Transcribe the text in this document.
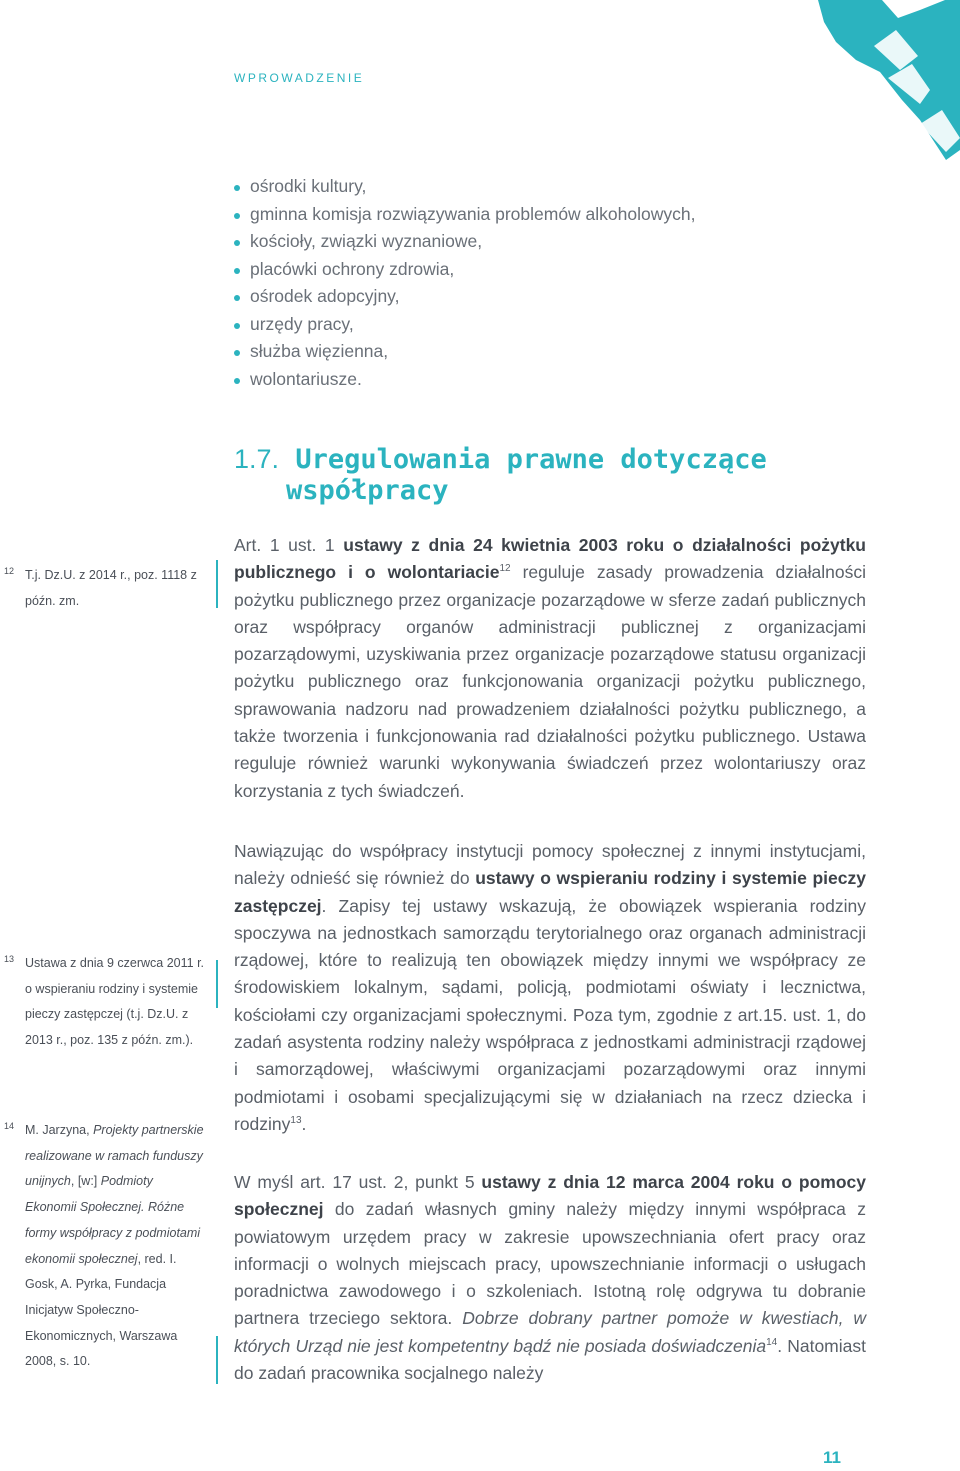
WPROWADZENIE
ośrodki kultury,
gminna komisja rozwiązywania problemów alkoholowych,
kościoły, związki wyznaniowe,
placówki ochrony zdrowia,
ośrodek adopcyjny,
urzędy pracy,
służba więzienna,
wolontariusze.
1.7. Uregulowania prawne dotyczące
współpracy
Art. 1 ust. 1 ustawy z dnia 24 kwietnia 2003 roku o działalności pożytku publicznego i o wolontariacie$^{12}$ reguluje zasady prowadzenia działalności pożytku publicznego przez organizacje pozarządowe w sferze zadań publicznych oraz współpracy organów administracji publicznej z organizacjami pozarządowymi, uzyskiwania przez organizacje pozarządowe statusu organizacji pożytku publicznego oraz funkcjonowania organizacji pożytku publicznego, sprawowania nadzoru nad prowadzeniem działalności pożytku publicznego, a także tworzenia i funkcjonowania rad działalności pożytku publicznego. Ustawa reguluje również warunki wykonywania świadczeń przez wolontariuszy oraz korzystania z tych świadczeń.
Nawiązując do współpracy instytucji pomocy społecznej z innymi instytucjami, należy odnieść się również do ustawy o wspieraniu rodziny i systemie pieczy zastępczej. Zapisy tej ustawy wskazują, że obowiązek wspierania rodziny spoczywa na jednostkach samorządu terytorialnego oraz organach administracji rządowej, które to realizują ten obowiązek między innymi we współpracy ze środowiskiem lokalnym, sądami, policją, podmiotami oświaty i lecznictwa, kościołami czy organizacjami społecznymi. Poza tym, zgodnie z art.15. ust. 1, do zadań asystenta rodziny należy współpraca z jednostkami administracji rządowej i samorządowej, właściwymi organizacjami pozarządowymi oraz innymi podmiotami i osobami specjalizującymi się w działaniach na rzecz dziecka i rodziny$^{13}$.
W myśl art. 17 ust. 2, punkt 5 ustawy z dnia 12 marca 2004 roku o pomocy społecznej do zadań własnych gminy należy między innymi współpraca z powiatowym urzędem pracy w zakresie upowszechniania ofert pracy oraz informacji o wolnych miejscach pracy, upowszechnianie informacji o usługach poradnictwa zawodowego i o szkoleniach. Istotną rolę odgrywa tu dobranie partnera trzeciego sektora. Dobrze dobrany partner pomoże w kwestiach, w których Urząd nie jest kompetentny bądź nie posiada doświadczenia$^{14}$. Natomiast do zadań pracownika socjalnego należy
12 T.j. Dz.U. z 2014 r., poz. 1118 z późn. zm.
13 Ustawa z dnia 9 czerwca 2011 r. o wspieraniu rodziny i systemie pieczy zastępczej (t.j. Dz.U. z 2013 r., poz. 135 z późn. zm.).
14 M. Jarzyna, Projekty partnerskie realizowane w ramach funduszy unijnych, [w:] Podmioty Ekonomii Społecznej. Różne formy współpracy z podmiotami ekonomii społecznej, red. I. Gosk, A. Pyrka, Fundacja Inicjatyw Społeczno-Ekonomicznych, Warszawa 2008, s. 10.
11
